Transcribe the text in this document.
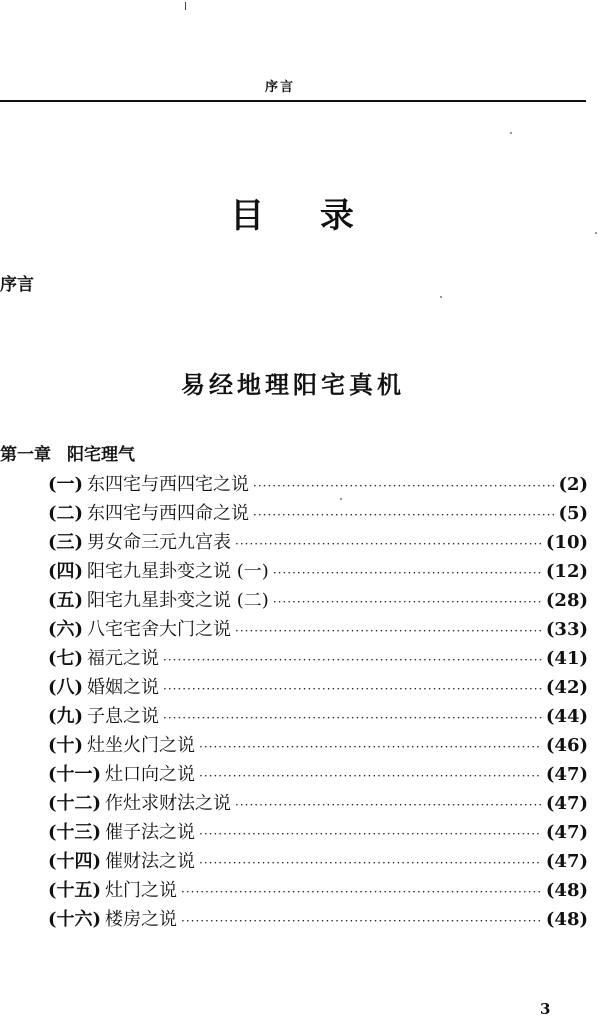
序言
目 录
序言
易经地理阳宅真机
第一章 阳宅理气
(一) 东四宅与西四宅之说 ·····	(2)
(二) 东四宅与西四命之说 ·····	(5)
(三) 男女命三元九宫表 ·····	(10)
(四) 阳宅九星卦变之说 (一) ·····	(12)
(五) 阳宅九星卦变之说 (二) ·····	(28)
(六) 八宅宅舍大门之说 ·····	(33)
(七) 福元之说 ·····	(41)
(八) 婚姻之说 ·····	(42)
(九) 子息之说 ·····	(44)
(十) 灶坐火门之说 ·····	(46)
(十一) 灶口向之说 ·····	(47)
(十二) 作灶求财法之说 ·····	(47)
(十三) 催子法之说 ·····	(47)
(十四) 催财法之说 ·····	(47)
(十五) 灶门之说 ·····	(48)
(十六) 楼房之说 ·····	(48)
3
